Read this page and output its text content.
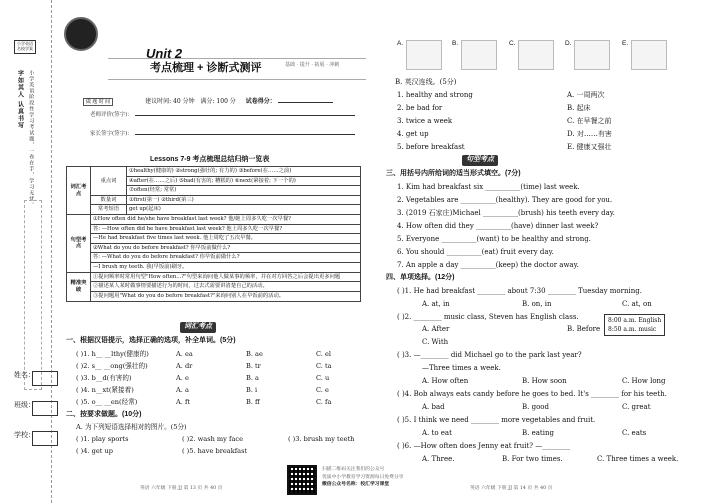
小学英语
名校学案
字如其人 认真书写 小学英语阶段性学习考试题，一卷在手，学习无忧。
姓名：
班级：
学校：
Unit 2
考点梳理 + 诊断式测评	基础 · 提升 · 拓展 · 冲刺
做 题 时 间	建议时间: 40 分钟 满分: 100 分 试卷得分：
老师评价(签字)：
家长签字(签字)：
Lessons 7-9 考点梳理总结归纳一览表
词汇考点	重点词	①healthy(健康的) ②strong(强壮的; 有力的) ③before(在……之前)
		④after(在……之后) ⑤bad(有害的; 糟糕的) ⑥next(紧接着; 下一个的)
		⑦often(经常; 常常)
	数量词	①first(第一) ②third(第三)
	常考短语	get up(起床)
句型考点	①How often did he/she have breakfast last week? 他/她上周多久吃一次早餐?	
	答: —How often did he have breakfast last week? 他上周多久吃一次早餐?	
	—He had breakfast five times last week. 他上周吃了五次早餐。	
	②What do you do before breakfast? 你早饭前做什么?	
	答: —What do you do before breakfast? 你早饭前做什么?	
	—I brush my teeth. 我(早饭前)刷牙。	
精准突破	①提问频率时常用句型"How often...?"句型来询问他人做某事的频率，并在对方回答之后会提出更多问题	
	②描述某人某时做事情要描述行为的时间，过去式需要讲清楚自己的活动。	
	③提问题用"What do you do before breakfast?"来询问别人在早饭前的活动。	
词汇考点
一、根据汉语提示，选择正确的选项，补全单词。(5分)
( )1. h__ __lthy(健康的)	A. ea	B. ae	C. el
( )2. s__ __ong(强壮的)	A. dr	B. tr	C. ta
( )3. b__d(有害的)	A. e	B. a	C. u
( )4. n__xt(紧接着)	A. a	B. i	C. e
( )5. o__ __en(经常)	A. ft	B. ff	C. fa
二、按要求做题。(10分)
A. 为下列短语选择相对的图片。(5分)
( )1. play sports	( )2. wash my face	( )3. brush my teeth
( )4. get up	( )5. have breakfast
英语 六年级 下册 JJ 第 13 页 共 40 页
扫描二维码关注我们的公众号
优质中小学教育学习资源每日免费分享
微信公众号名称：校汇学习课堂
英语 六年级 下册 JJ 第 14 页 共 40 页
A.	B.	C.	D.	E.
B. 英汉连线。(5分)
1. healthy and strong
2. be bad for
3. twice a week
4. get up
5. before breakfast
A. 一周两次
B. 起床
C. 在早餐之前
D. 对……有害
E. 健康又强壮
句型考点
三、用括号内所给词的适当形式填空。(7分)
1. Kim had breakfast six __________(time) last week.
2. Vegetables are __________(healthy). They are good for you.
3. (2019 石家庄)Michael __________(brush) his teeth every day.
4. How often did they __________(have) dinner last week?
5. Everyone __________(want) to be healthy and strong.
6. You should __________(eat) fruit every day.
7. An apple a day __________(keep) the doctor away.
四、单项选择。(12分)
( )1. He had breakfast ________ about 7:30 ________ Tuesday morning.
A. at, in	B. on, in	C. at, on
( )2. ________ music class, Steven has English class.	8:00 a.m. English
8:50 a.m. music
A. After	B. Before
C. With
( )3. —________ did Michael go to the park last year?
—Three times a week.
A. How often	B. How soon	C. How long
( )4. Bob always eats candy before he goes to bed. It's ________ for his teeth.
A. bad	B. good	C. great
( )5. I think we need ________ more vegetables and fruit.
A. to eat	B. eating	C. eats
( )6. —How often does Jenny eat fruit? —________
A. Three.	B. For two times.	C. Three times a week.
